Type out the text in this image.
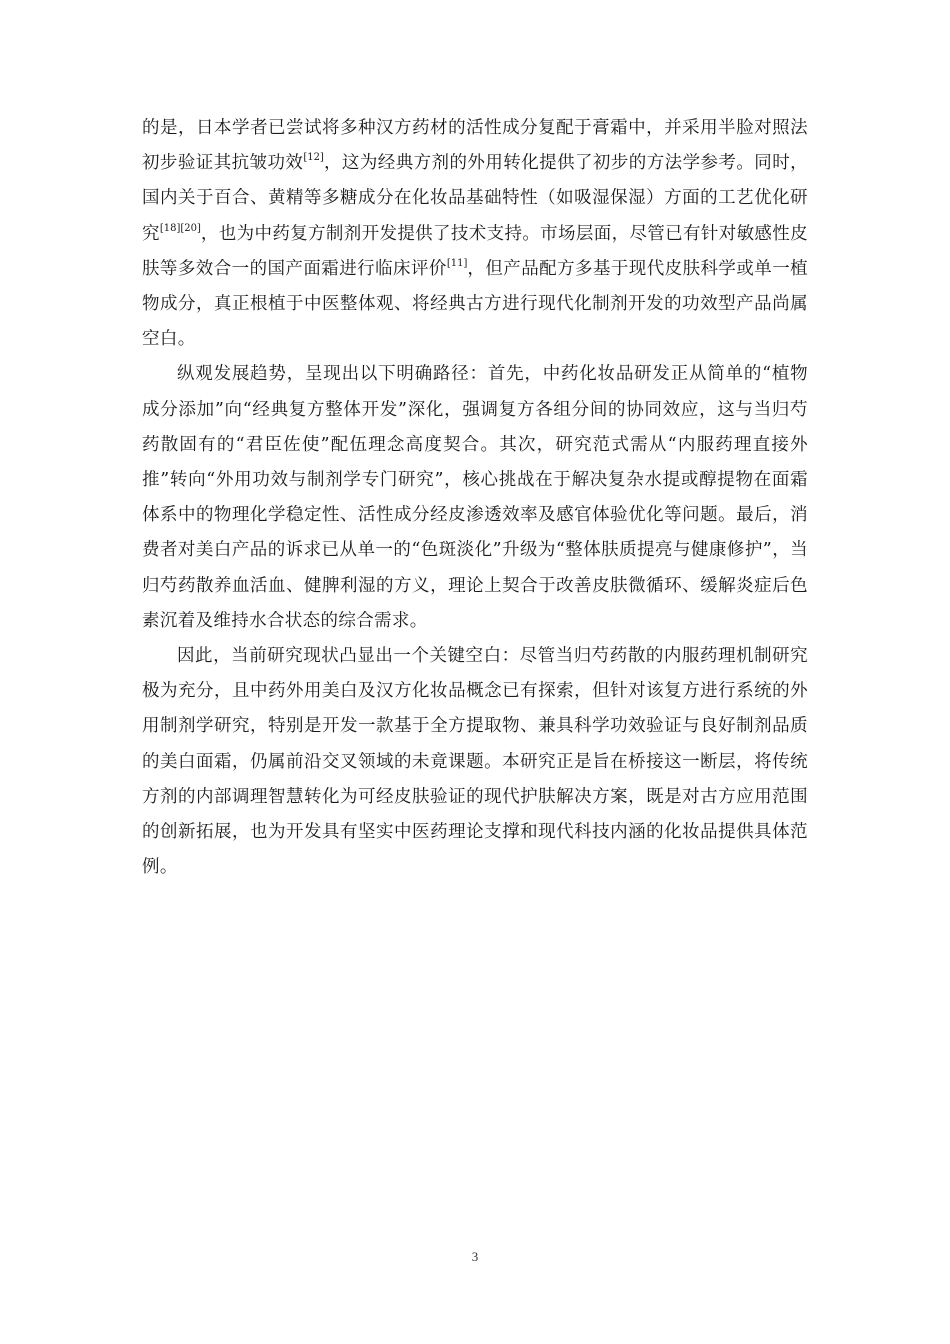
的是，日本学者已尝试将多种汉方药材的活性成分复配于膏霜中，并采用半脸对照法初步验证其抗皱功效[12]，这为经典方剂的外用转化提供了初步的方法学参考。同时，国内关于百合、黄精等多糖成分在化妆品基础特性（如吸湿保湿）方面的工艺优化研究[18][20]，也为中药复方制剂开发提供了技术支持。市场层面，尽管已有针对敏感性皮肤等多效合一的国产面霜进行临床评价[11]，但产品配方多基于现代皮肤科学或单一植物成分，真正根植于中医整体观、将经典古方进行现代化制剂开发的功效型产品尚属空白。

纵观发展趋势，呈现出以下明确路径：首先，中药化妆品研发正从简单的“植物成分添加”向“经典复方整体开发”深化，强调复方各组分间的协同效应，这与当归芍药散固有的“君臣佐使”配伍理念高度契合。其次，研究范式需从“内服药理直接外推”转向“外用功效与制剂学专门研究”，核心挑战在于解决复杂水提或醇提物在面霜体系中的物理化学稳定性、活性成分经皮渗透效率及感官体验优化等问题。最后，消费者对美白产品的诉求已从单一的“色斑淡化”升级为“整体肤质提亮与健康修护”，当归芍药散养血活血、健脾利湿的方义，理论上契合于改善皮肤微循环、缓解炎症后色素沉着及维持水合状态的综合需求。

因此，当前研究现状凸显出一个关键空白：尽管当归芍药散的内服药理机制研究极为充分，且中药外用美白及汉方化妆品概念已有探索，但针对该复方进行系统的外用制剂学研究，特别是开发一款基于全方提取物、兼具科学功效验证与良好制剂品质的美白面霜，仍属前沿交叉领域的未竟课题。本研究正是旨在桥接这一断层，将传统方剂的内部调理智慧转化为可经皮肤验证的现代护肤解决方案，既是对古方应用范围的创新拓展，也为开发具有坚实中医药理论支撑和现代科技内涵的化妆品提供具体范例。

3
